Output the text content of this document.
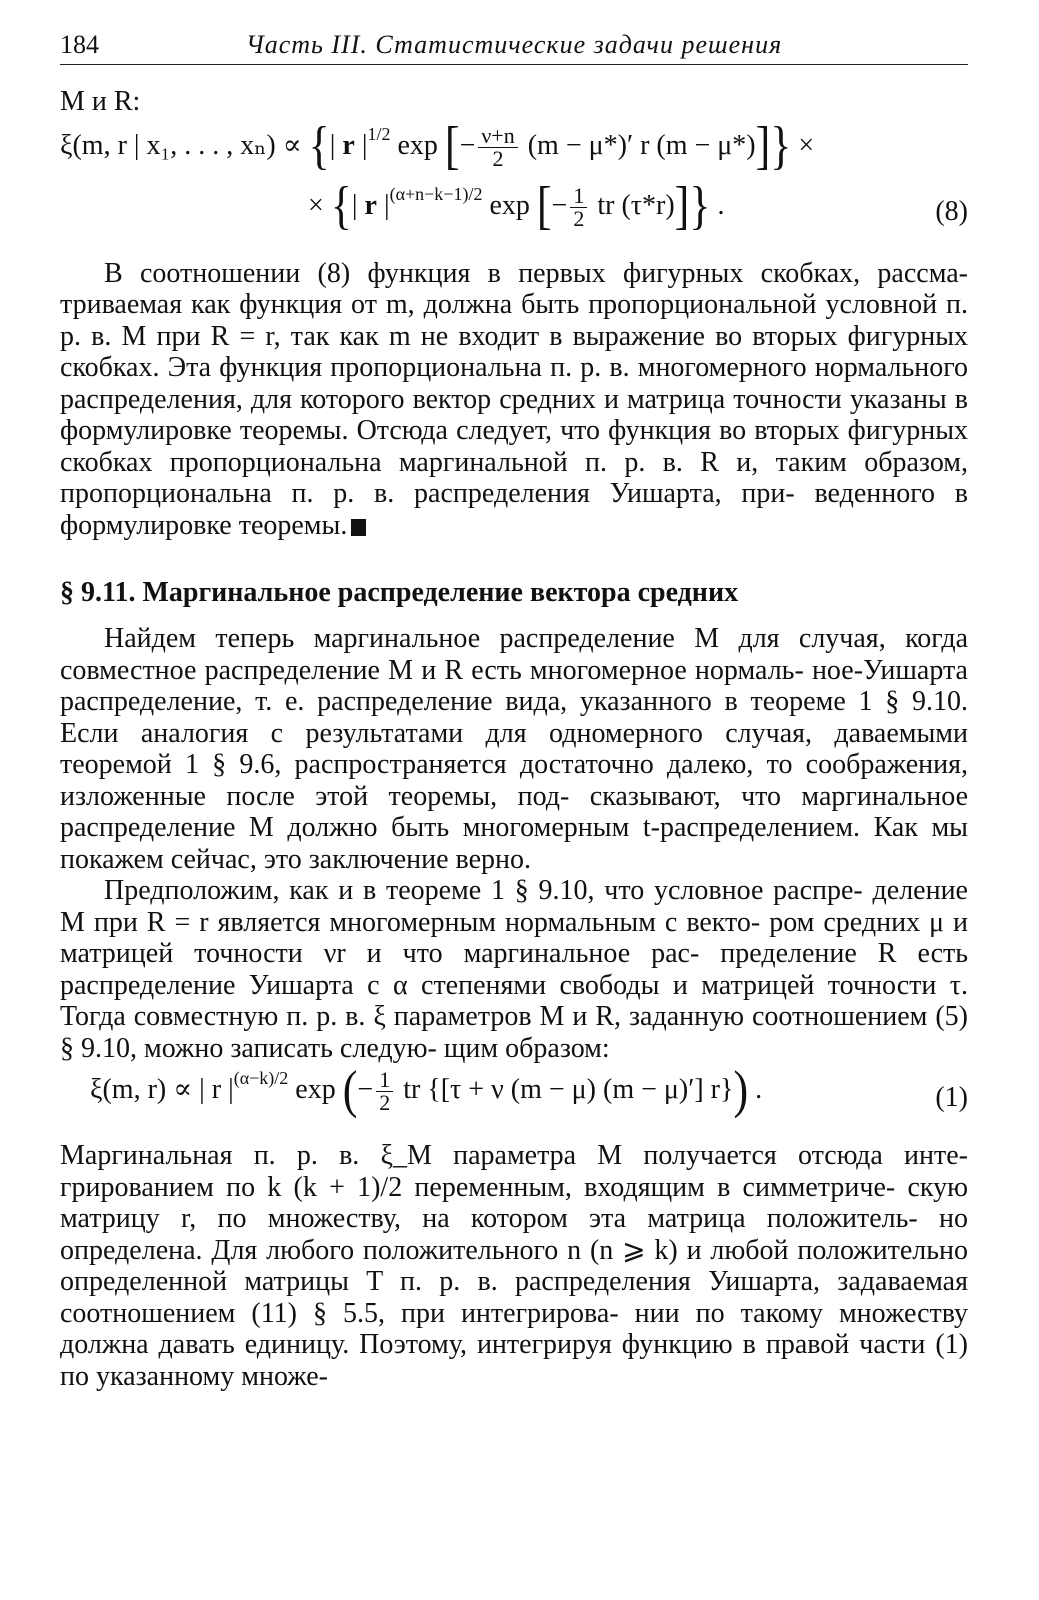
184	Часть III. Статистические задачи решения
M и R:
ξ(m, r | x₁, . . . , xₙ) ∝ {| r $|^{1/2}$ exp [− $\frac{\nu+n}{2} (m - \mu*)'$ r (m − μ*)]} ×
× {| r $|^{(\alpha+n-k-1)/2}$ exp [− $\frac{1}{2}$ tr (τ*r)]} .	(8)

В соотношении (8) функция в первых фигурных скобках, рассма- триваемая как функция от m, должна быть пропорциональной условной п. р. в. M при R = r, так как m не входит в выражение во вторых фигурных скобках. Эта функция пропорциональна п. р. в. многомерного нормального распределения, для которого вектор средних и матрица точности указаны в формулировке теоремы. Отсюда следует, что функция во вторых фигурных скобках пропорциональна маргинальной п. р. в. R и, таким образом, пропорциональна п. р. в. распределения Уишарта, при- веденного в формулировке теоремы.

§ 9.11. Маргинальное распределение вектора средних

Найдем теперь маргинальное распределение M для случая, когда совместное распределение M и R есть многомерное нормаль- ное-Уишарта распределение, т. е. распределение вида, указанного в теореме 1 § 9.10. Если аналогия с результатами для одномерного случая, даваемыми теоремой 1 § 9.6, распространяется достаточно далеко, то соображения, изложенные после этой теоремы, под- сказывают, что маргинальное распределение M должно быть многомерным t-распределением. Как мы покажем сейчас, это заключение верно.

Предположим, как и в теореме 1 § 9.10, что условное распре- деление M при R = r является многомерным нормальным с векто- ром средних μ и матрицей точности νr и что маргинальное рас- пределение R есть распределение Уишарта с α степенями свободы и матрицей точности τ. Тогда совместную п. р. в. ξ параметров M и R, заданную соотношением (5) § 9.10, можно записать следую- щим образом:

ξ(m, r) ∝ | r $|^{(\alpha-k)/2}$ exp (− $\frac{1}{2}$ tr {[τ + ν (m − μ) (m − μ)′] r}) .	(1)

Маргинальная п. р. в. ξ_M параметра M получается отсюда инте- грированием по k (k + 1)/2 переменным, входящим в симметриче- скую матрицу r, по множеству, на котором эта матрица положитель- но определена. Для любого положительного n (n ⩾ k) и любой положительно определенной матрицы T п. р. в. распределения Уишарта, задаваемая соотношением (11) § 5.5, при интегрирова- нии по такому множеству должна давать единицу. Поэтому, интегрируя функцию в правой части (1) по указанному множе-
